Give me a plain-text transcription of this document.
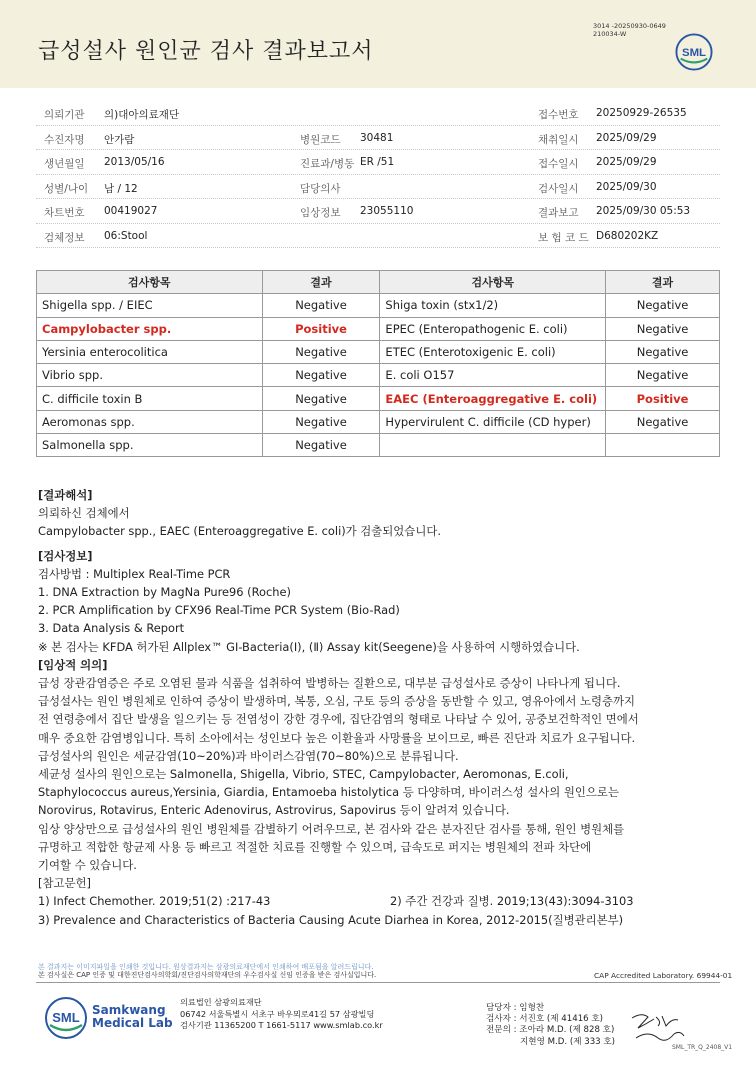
급성설사 원인균 검사 결과보고서
3014 -20250930-0649
210034-W
SML
의뢰기관 의)대아의료재단	접수번호 20250929-26535
수진자명 안가람	병원코드 30481	채취일시 2025/09/29
생년월일 2013/05/16	진료과/병동 ER /51	접수일시 2025/09/29
성별/나이 남 / 12	담당의사	검사일시 2025/09/30
차트번호 00419027	임상정보 23055110	결과보고 2025/09/30 05:53
검체정보 06:Stool	보 험 코 드 D680202KZ
검사항목	결과	검사항목	결과
Shigella spp. / EIEC	Negative	Shiga toxin (stx1/2)	Negative
Campylobacter spp.	Positive	EPEC (Enteropathogenic E. coli)	Negative
Yersinia enterocolitica	Negative	ETEC (Enterotoxigenic E. coli)	Negative
Vibrio spp.	Negative	E. coli O157	Negative
C. difficile toxin B	Negative	EAEC (Enteroaggregative E. coli)	Positive
Aeromonas spp.	Negative	Hypervirulent C. difficile (CD hyper)	Negative
Salmonella spp.	Negative		
[결과해석]
의뢰하신 검체에서
Campylobacter spp., EAEC (Enteroaggregative E. coli)가 검출되었습니다.
[검사정보]
검사방법 : Multiplex Real-Time PCR
1. DNA Extraction by MagNa Pure96 (Roche)
2. PCR Amplification by CFX96 Real-Time PCR System (Bio-Rad)
3. Data Analysis & Report
※ 본 검사는 KFDA 허가된 Allplex™ GI-Bacteria(Ⅰ), (Ⅱ) Assay kit(Seegene)을 사용하여 시행하였습니다.
[임상적 의의]
급성 장관감염증은 주로 오염된 물과 식품을 섭취하여 발병하는 질환으로, 대부분 급성설사로 증상이 나타나게 됩니다.
급성설사는 원인 병원체로 인하여 증상이 발생하며, 복통, 오심, 구토 등의 증상을 동반할 수 있고, 영유아에서 노령층까지
전 연령층에서 집단 발생을 일으키는 등 전염성이 강한 경우에, 집단감염의 형태로 나타날 수 있어, 공중보건학적인 면에서
매우 중요한 감염병입니다. 특히 소아에서는 성인보다 높은 이환율과 사망률을 보이므로, 빠른 진단과 치료가 요구됩니다.
급성설사의 원인은 세균감염(10~20%)과 바이러스감염(70~80%)으로 분류됩니다.
세균성 설사의 원인으로는 Salmonella, Shigella, Vibrio, STEC, Campylobacter, Aeromonas, E.coli,
Staphylococcus aureus,Yersinia, Giardia, Entamoeba histolytica 등 다양하며, 바이러스성 설사의 원인으로는
Norovirus, Rotavirus, Enteric Adenovirus, Astrovirus, Sapovirus 등이 알려져 있습니다.
임상 양상만으로 급성설사의 원인 병원체를 감별하기 어려우므로, 본 검사와 같은 분자진단 검사를 통해, 원인 병원체를
규명하고 적합한 항균제 사용 등 빠르고 적절한 치료를 진행할 수 있으며, 급속도로 퍼지는 병원체의 전파 차단에
기여할 수 있습니다.
[참고문헌]
1) Infect Chemother. 2019;51(2) :217-43	2) 주간 건강과 질병. 2019;13(43):3094-3103
3) Prevalence and Characteristics of Bacteria Causing Acute Diarhea in Korea, 2012-2015(질병관리본부)
본 결과지는 이미지파일을 인쇄한 것입니다. 원상결과지는 삼광의료재단에서 인쇄하여 배포됨을 알려드립니다.
본 검사실은 CAP 인증 및 대한진단검사의학회/진단검사의학재단의 우수검사실 신임 인증을 받은 검사실입니다.	CAP Accredited Laboratory. 69944-01
SML Samkwang
Medical Lab
의료법인 삼광의료재단
06742 서울특별시 서초구 바우뫼로41길 57 삼광빌딩
검사기관 11365200 T 1661-5117 www.smlab.co.kr
담당자 : 임형찬
검사자 : 서진호 (제 41416 호)
전문의 : 조아라 M.D. (제 828 호)
지현영 M.D. (제 333 호)
SML_TR_Q_2408_V1
